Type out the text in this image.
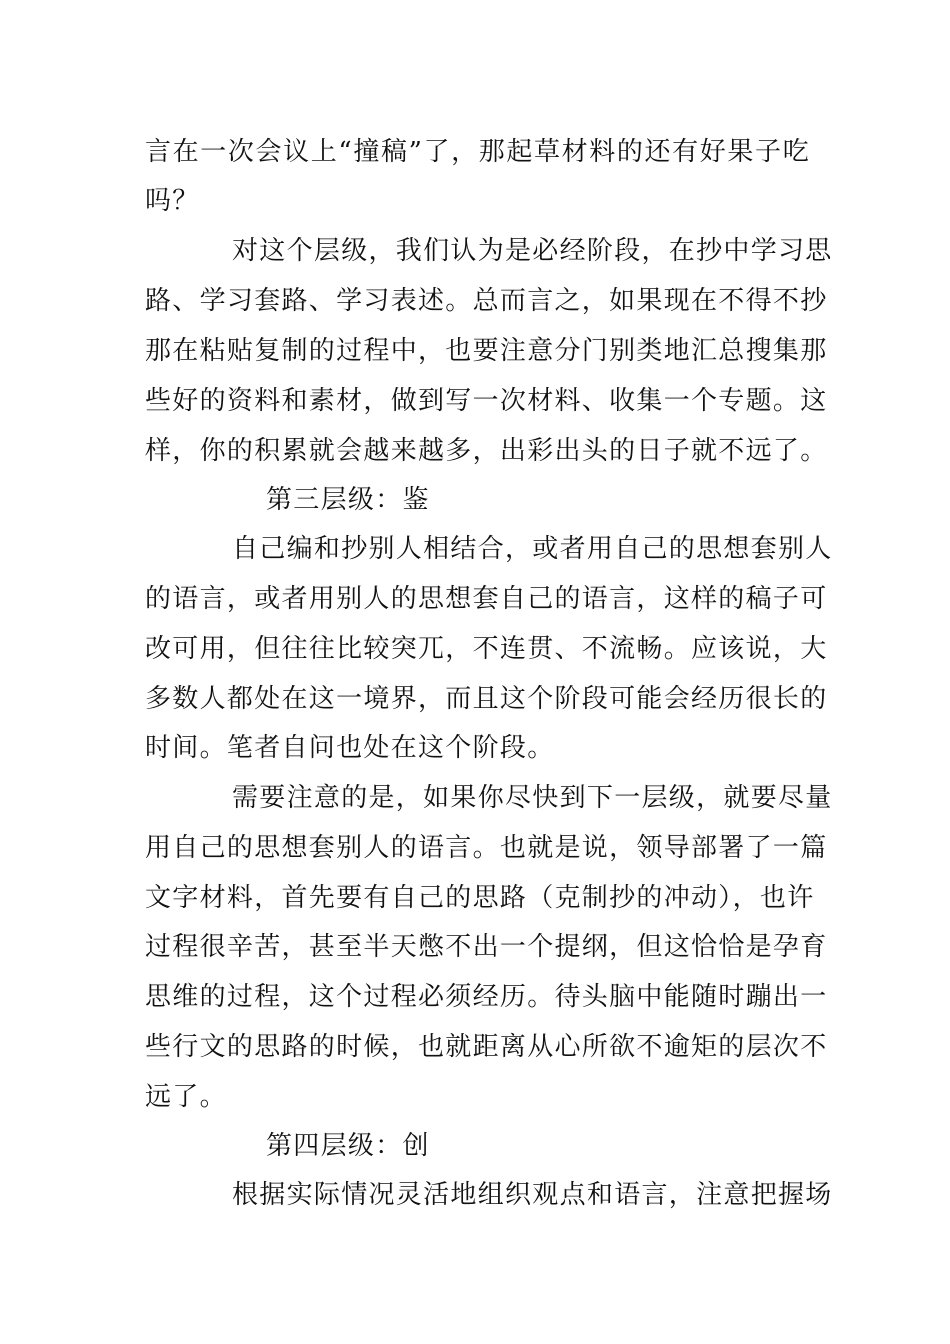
言在一次会议上“撞稿”了，那起草材料的还有好果子吃
吗？
对这个层级，我们认为是必经阶段，在抄中学习思
路、学习套路、学习表述。总而言之，如果现在不得不抄
那在粘贴复制的过程中，也要注意分门别类地汇总搜集那
些好的资料和素材，做到写一次材料、收集一个专题。这
样，你的积累就会越来越多，出彩出头的日子就不远了。
第三层级：鉴
自己编和抄别人相结合，或者用自己的思想套别人
的语言，或者用别人的思想套自己的语言，这样的稿子可
改可用，但往往比较突兀，不连贯、不流畅。应该说，大
多数人都处在这一境界，而且这个阶段可能会经历很长的
时间。笔者自问也处在这个阶段。
需要注意的是，如果你尽快到下一层级，就要尽量
用自己的思想套别人的语言。也就是说，领导部署了一篇
文字材料，首先要有自己的思路（克制抄的冲动），也许
过程很辛苦，甚至半天憋不出一个提纲，但这恰恰是孕育
思维的过程，这个过程必须经历。待头脑中能随时蹦出一
些行文的思路的时候，也就距离从心所欲不逾矩的层次不
远了。
第四层级：创
根据实际情况灵活地组织观点和语言，注意把握场
